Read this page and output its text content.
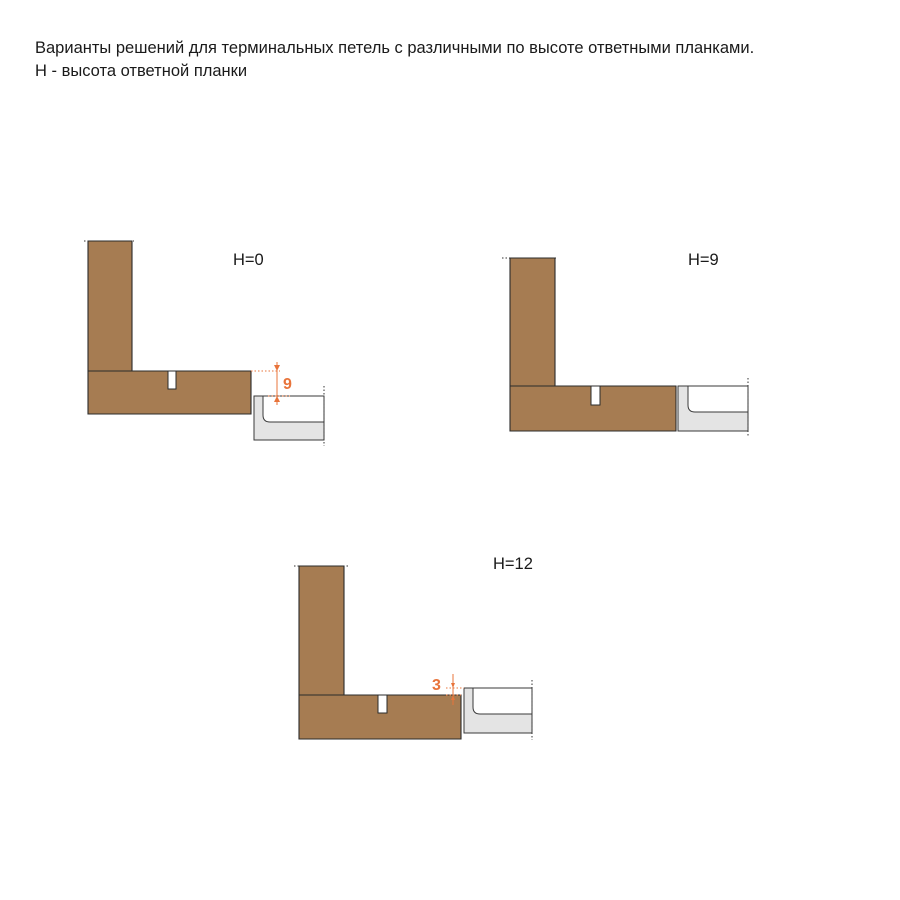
Варианты решений для терминальных петель с различными по высоте ответными планками.
H - высота ответной планки
9
H=0	H=9
3
H=12
